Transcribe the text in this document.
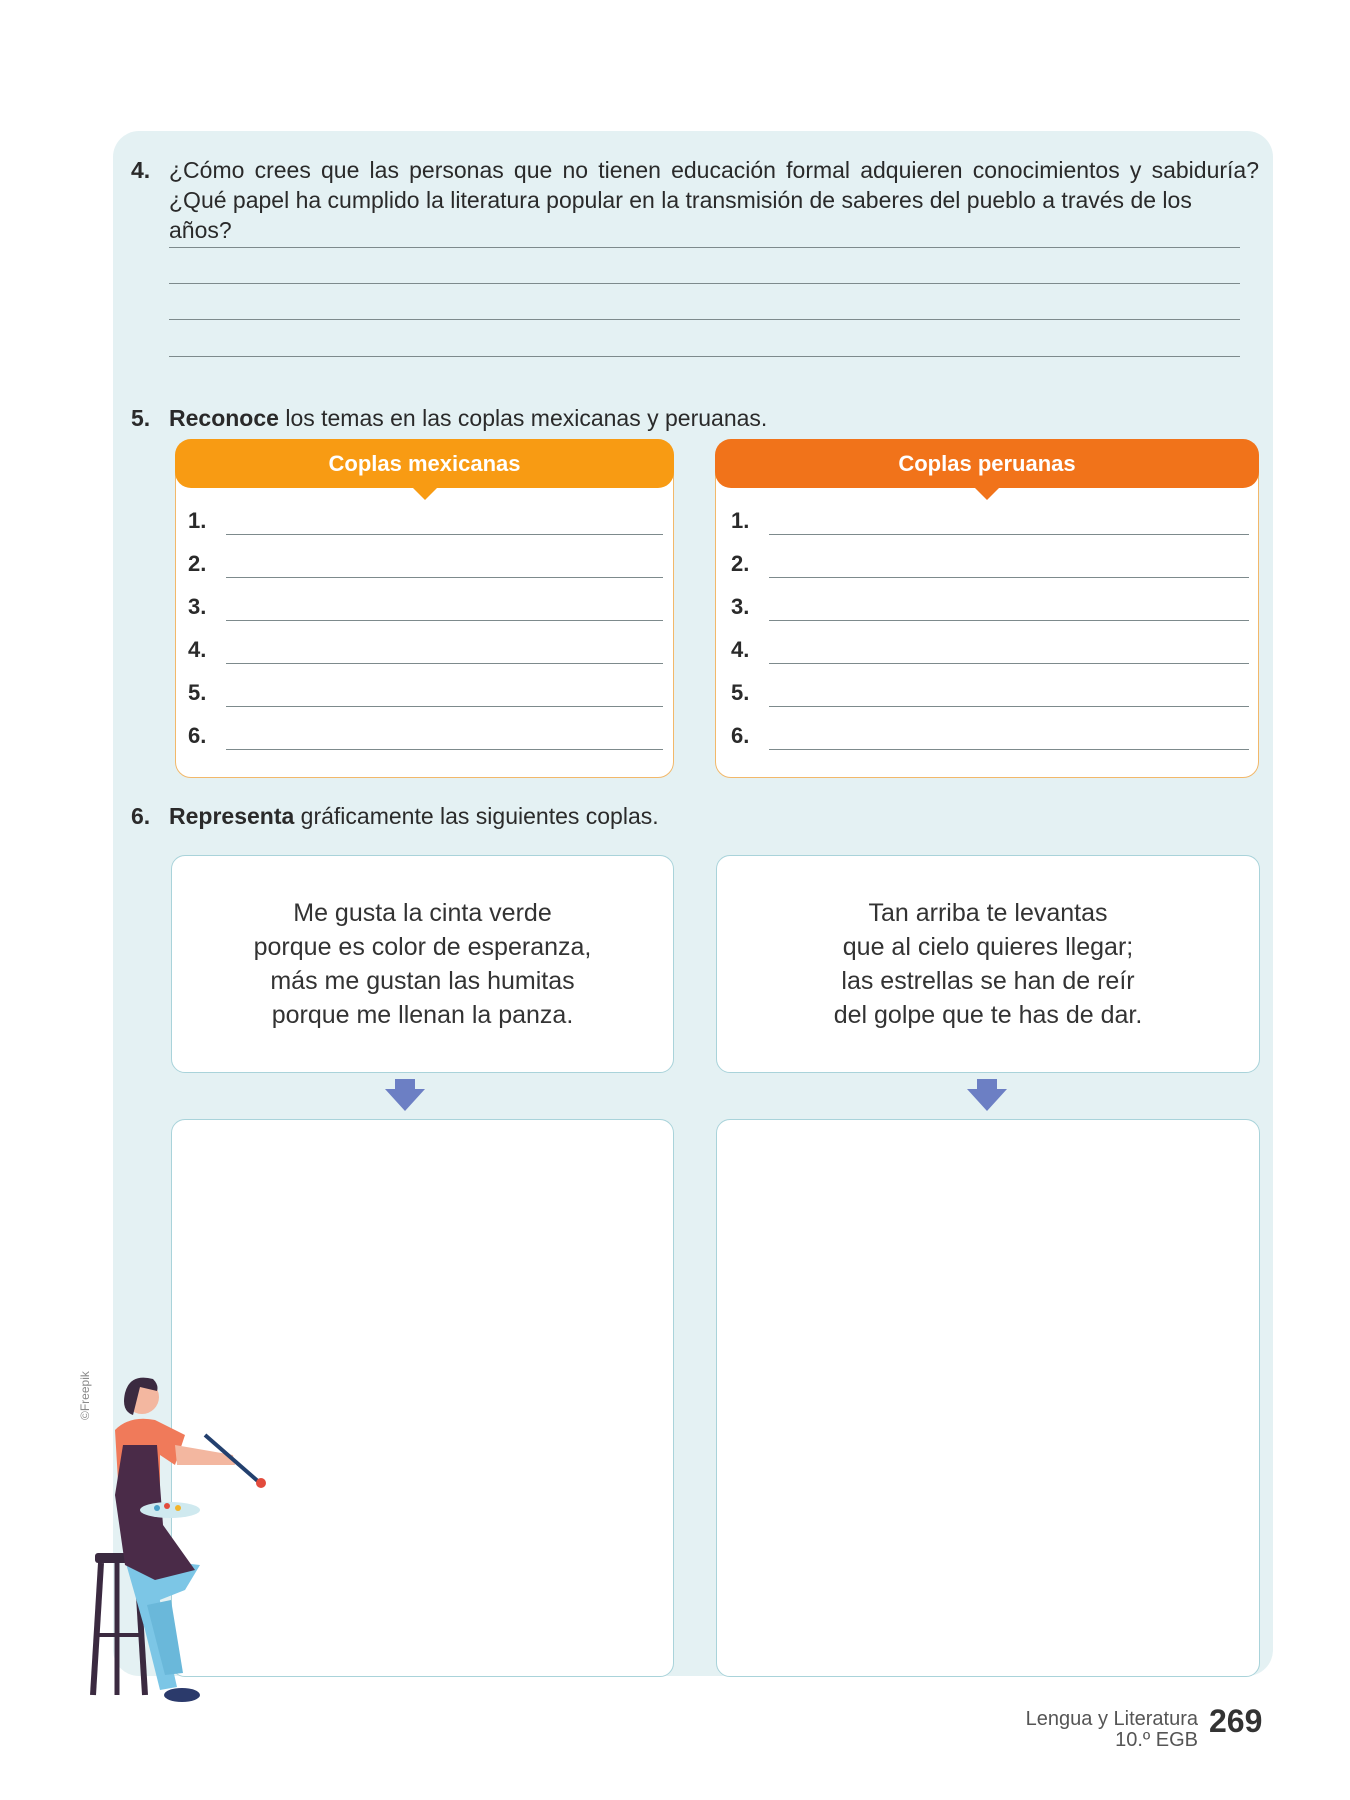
4. ¿Cómo crees que las personas que no tienen educación formal adquieren conocimientos y sabiduría?
¿Qué papel ha cumplido la literatura popular en la transmisión de saberes del pueblo a través de los años?
5. Reconoce los temas en las coplas mexicanas y peruanas.
Coplas mexicanas
1.
2.
3.
4.
5.
6.
Coplas peruanas
1.
2.
3.
4.
5.
6.
6. Representa gráficamente las siguientes coplas.
Me gusta la cinta verde
porque es color de esperanza,
más me gustan las humitas
porque me llenan la panza.
Tan arriba te levantas
que al cielo quieres llegar;
las estrellas se han de reír
del golpe que te has de dar.
©Freepik
Lengua y Literatura
10.º EGB
269
